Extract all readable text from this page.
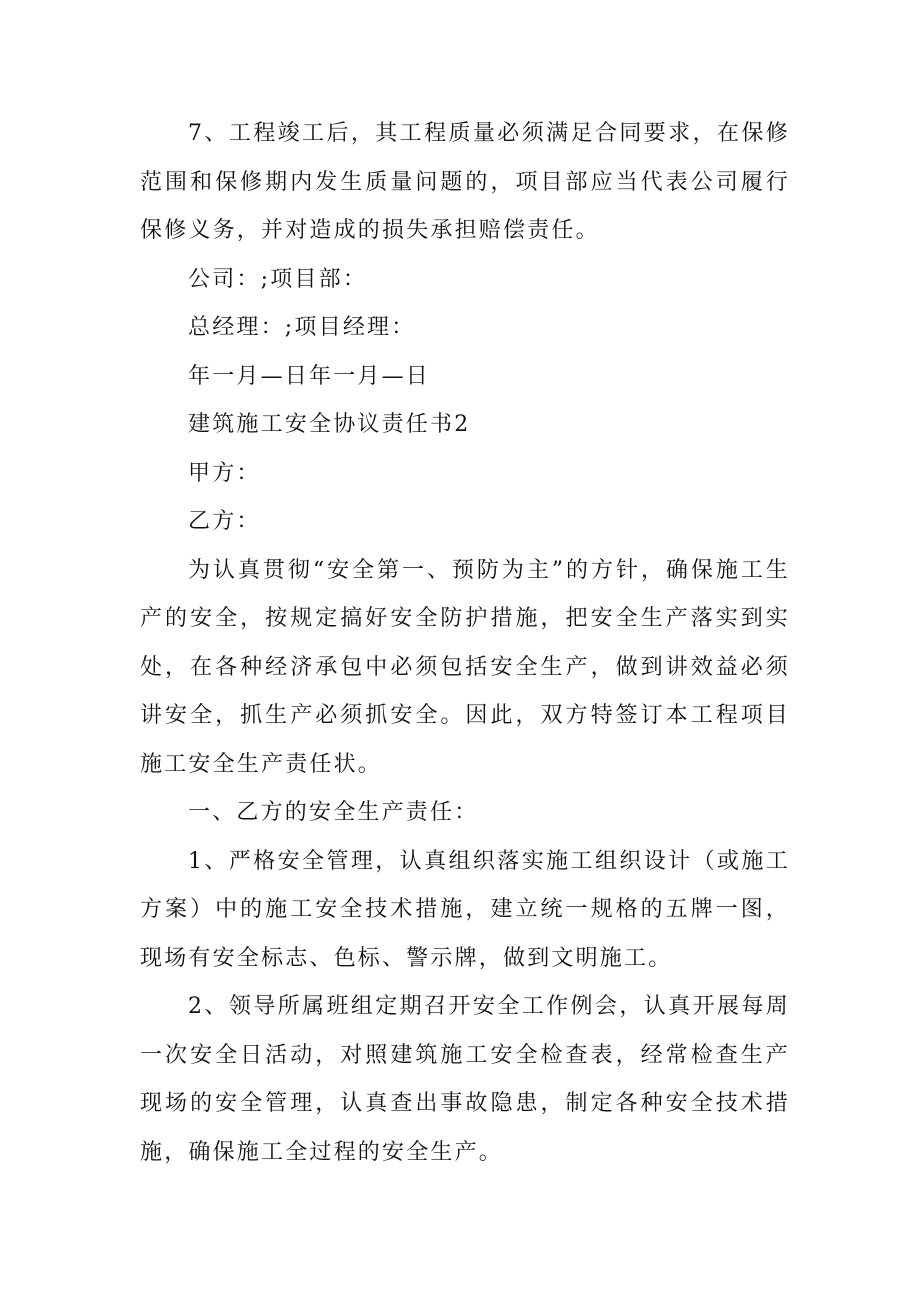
7、工程竣工后，其工程质量必须满足合同要求，在保修范围和保修期内发生质量问题的，项目部应当代表公司履行保修义务，并对造成的损失承担赔偿责任。

公司：;项目部：

总经理：;项目经理：

年一月—日年一月—日

建筑施工安全协议责任书2

甲方：

乙方：

为认真贯彻“安全第一、预防为主”的方针，确保施工生产的安全，按规定搞好安全防护措施，把安全生产落实到实处，在各种经济承包中必须包括安全生产，做到讲效益必须讲安全，抓生产必须抓安全。因此，双方特签订本工程项目施工安全生产责任状。

一、乙方的安全生产责任：

1、严格安全管理，认真组织落实施工组织设计（或施工方案）中的施工安全技术措施，建立统一规格的五牌一图，现场有安全标志、色标、警示牌，做到文明施工。

2、领导所属班组定期召开安全工作例会，认真开展每周一次安全日活动，对照建筑施工安全检查表，经常检查生产现场的安全管理，认真查出事故隐患，制定各种安全技术措施，确保施工全过程的安全生产。
